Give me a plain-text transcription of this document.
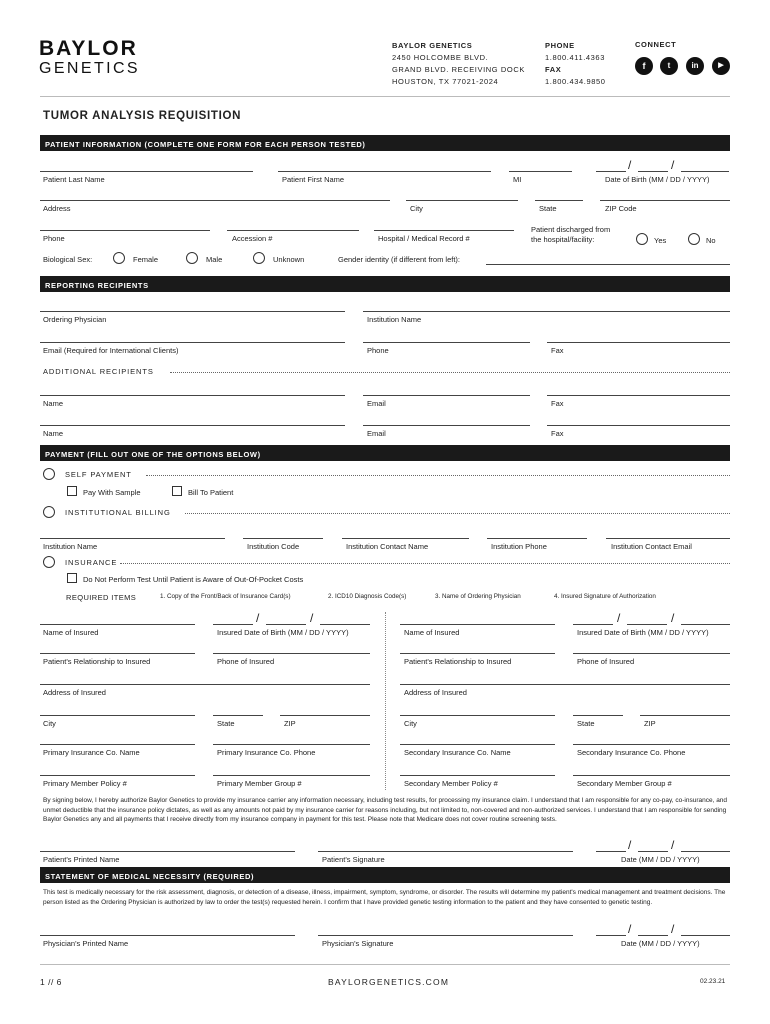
BAYLOR
GENETICS
BAYLOR GENETICS
2450 HOLCOMBE BLVD.
GRAND BLVD. RECEIVING DOCK
HOUSTON, TX 77021-2024
PHONE
1.800.411.4363
FAX
1.800.434.9850
CONNECT
f	t	in	▶
TUMOR ANALYSIS REQUISITION
PATIENT INFORMATION (COMPLETE ONE FORM FOR EACH PERSON TESTED)
Patient Last Name	Patient First Name	MI
/	/
Date of Birth (MM / DD / YYYY)
Address	City	State	ZIP Code
Phone	Accession #	Hospital / Medical Record #
Patient discharged from
the hospital/facility:	Yes	No
Biological Sex:	Female	Male	Unknown	Gender identity (if different from left):
REPORTING RECIPIENTS
Ordering Physician	Institution Name
Email (Required for International Clients)	Phone	Fax
ADDITIONAL RECIPIENTS
Name	Email	Fax
Name	Email	Fax
PAYMENT (FILL OUT ONE OF THE OPTIONS BELOW)
SELF PAYMENT
Pay With Sample	Bill To Patient
INSTITUTIONAL BILLING
Institution Name	Institution Code	Institution Contact Name	Institution Phone	Institution Contact Email
INSURANCE
Do Not Perform Test Until Patient is Aware of Out-Of-Pocket Costs
REQUIRED ITEMS	1. Copy of the Front/Back of Insurance Card(s)	2. ICD10 Diagnosis Code(s)	3. Name of Ordering Physician	4. Insured Signature of Authorization
Name of Insured
/	/
Insured Date of Birth (MM / DD / YYYY)
Patient's Relationship to Insured	Phone of Insured
Address of Insured
City	State	ZIP
Primary Insurance Co. Name	Primary Insurance Co. Phone
Primary Member Policy #	Primary Member Group #
Name of Insured
/	/
Insured Date of Birth (MM / DD / YYYY)
Patient's Relationship to Insured	Phone of Insured
Address of Insured
City	State	ZIP
Secondary Insurance Co. Name	Secondary Insurance Co. Phone
Secondary Member Policy #	Secondary Member Group #
By signing below, I hereby authorize Baylor Genetics to provide my insurance carrier any information necessary, including test results, for processing my insurance claim. I understand that I am responsible for any co-pay, co-insurance, and unmet deductible that the insurance policy dictates, as well as any amounts not paid by my insurance carrier for reasons including, but not limited to, non-covered and non-authorized services. I understand that I am responsible for sending Baylor Genetics any and all payments that I receive directly from my insurance company in payment for this test. Please note that Medicare does not cover routine screening tests.
Patient's Printed Name	Patient's Signature
/	/
Date (MM / DD / YYYY)
STATEMENT OF MEDICAL NECESSITY (REQUIRED)
This test is medically necessary for the risk assessment, diagnosis, or detection of a disease, illness, impairment, symptom, syndrome, or disorder. The results will determine my patient's medical management and treatment decisions. The person listed as the Ordering Physician is authorized by law to order the test(s) requested herein. I confirm that I have provided genetic testing information to the patient and they have consented to genetic testing.
Physician's Printed Name	Physician's Signature
/	/
Date (MM / DD / YYYY)
1 // 6	BAYLORGENETICS.COM	02.23.21
